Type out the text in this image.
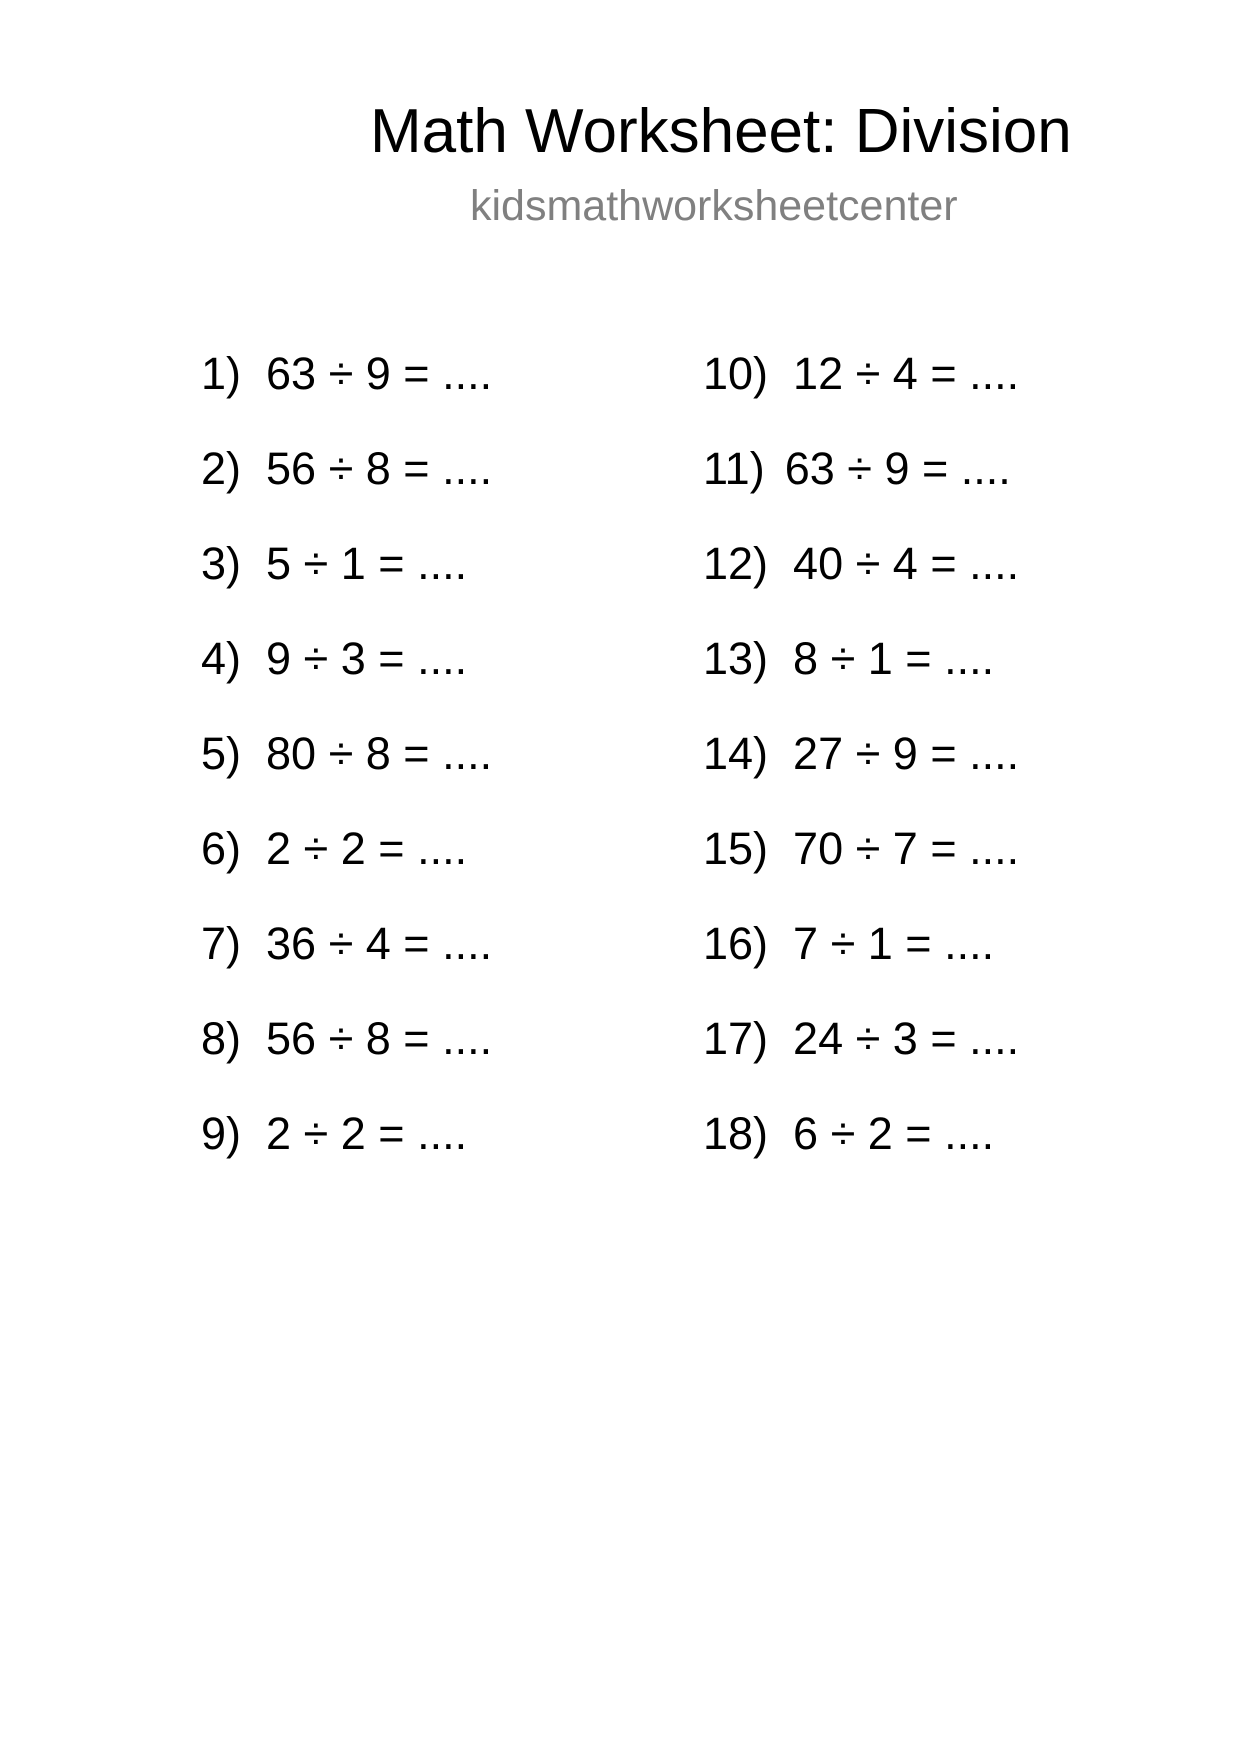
Math Worksheet: Division
kidsmathworksheetcenter
1) 63 ÷ 9 = ....
2) 56 ÷ 8 = ....
3) 5 ÷ 1 = ....
4) 9 ÷ 3 = ....
5) 80 ÷ 8 = ....
6) 2 ÷ 2 = ....
7) 36 ÷ 4 = ....
8) 56 ÷ 8 = ....
9) 2 ÷ 2 = ....
10) 12 ÷ 4 = ....
11) 63 ÷ 9 = ....
12) 40 ÷ 4 = ....
13) 8 ÷ 1 = ....
14) 27 ÷ 9 = ....
15) 70 ÷ 7 = ....
16) 7 ÷ 1 = ....
17) 24 ÷ 3 = ....
18) 6 ÷ 2 = ....
